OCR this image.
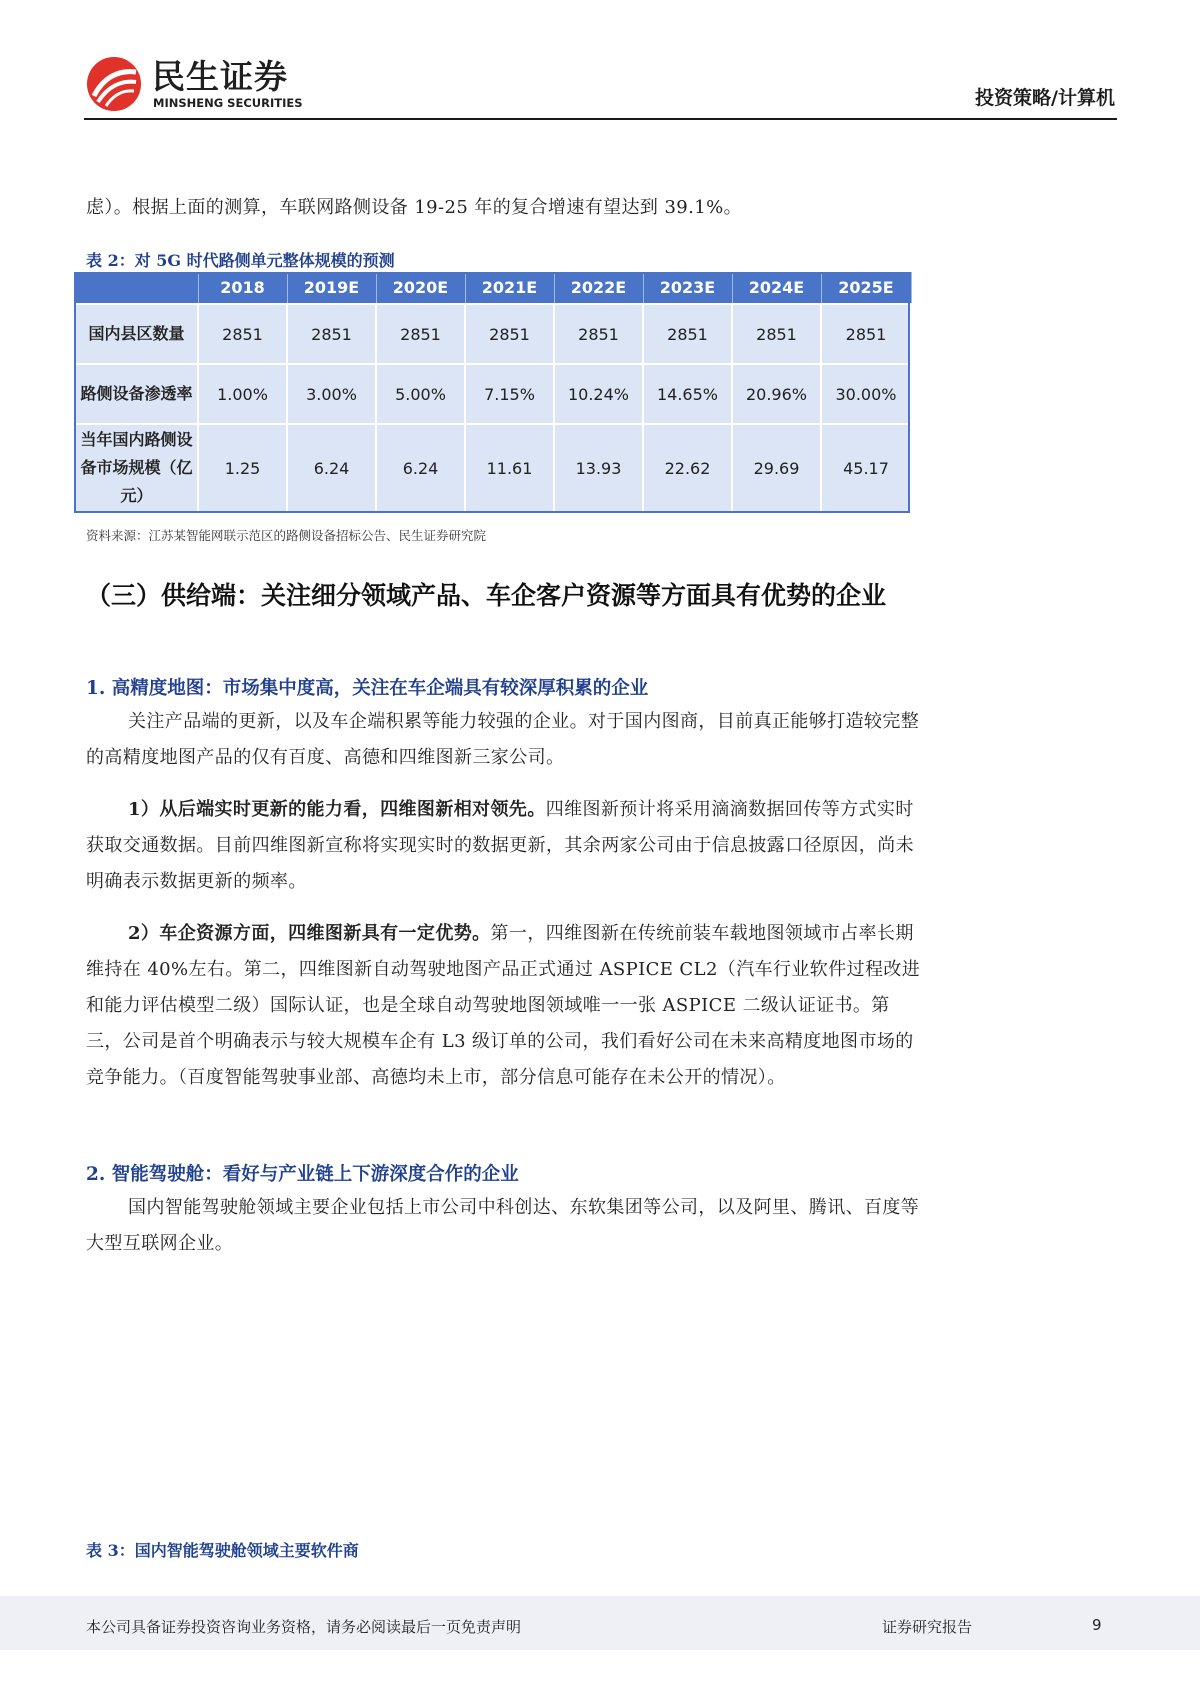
民生证券
MINSHENG SECURITIES	投资策略/计算机
虑）。根据上面的测算，车联网路侧设备 19-25 年的复合增速有望达到 39.1%。
表 2：对 5G 时代路侧单元整体规模的预测
	2018	2019E	2020E	2021E	2022E	2023E	2024E	2025E
国内县区数量	2851	2851	2851	2851	2851	2851	2851	2851
路侧设备渗透率	1.00%	3.00%	5.00%	7.15%	10.24%	14.65%	20.96%	30.00%
当年国内路侧设备市场规模（亿元）	1.25	6.24	6.24	11.61	13.93	22.62	29.69	45.17
资料来源：江苏某智能网联示范区的路侧设备招标公告、民生证券研究院
（三）供给端：关注细分领域产品、车企客户资源等方面具有优势的企业
1. 高精度地图：市场集中度高，关注在车企端具有较深厚积累的企业
关注产品端的更新，以及车企端积累等能力较强的企业。对于国内图商，目前真正能够打造较完整的高精度地图产品的仅有百度、高德和四维图新三家公司。
1）从后端实时更新的能力看，四维图新相对领先。四维图新预计将采用滴滴数据回传等方式实时获取交通数据。目前四维图新宣称将实现实时的数据更新，其余两家公司由于信息披露口径原因，尚未明确表示数据更新的频率。
2）车企资源方面，四维图新具有一定优势。第一，四维图新在传统前装车载地图领域市占率长期维持在 40%左右。第二，四维图新自动驾驶地图产品正式通过 ASPICE CL2（汽车行业软件过程改进和能力评估模型二级）国际认证，也是全球自动驾驶地图领域唯一一张 ASPICE 二级认证证书。第三，公司是首个明确表示与较大规模车企有 L3 级订单的公司，我们看好公司在未来高精度地图市场的竞争能力。（百度智能驾驶事业部、高德均未上市，部分信息可能存在未公开的情况）。
2. 智能驾驶舱：看好与产业链上下游深度合作的企业
国内智能驾驶舱领域主要企业包括上市公司中科创达、东软集团等公司，以及阿里、腾讯、百度等大型互联网企业。
表 3：国内智能驾驶舱领域主要软件商
本公司具备证券投资咨询业务资格，请务必阅读最后一页免责声明	证券研究报告	9
